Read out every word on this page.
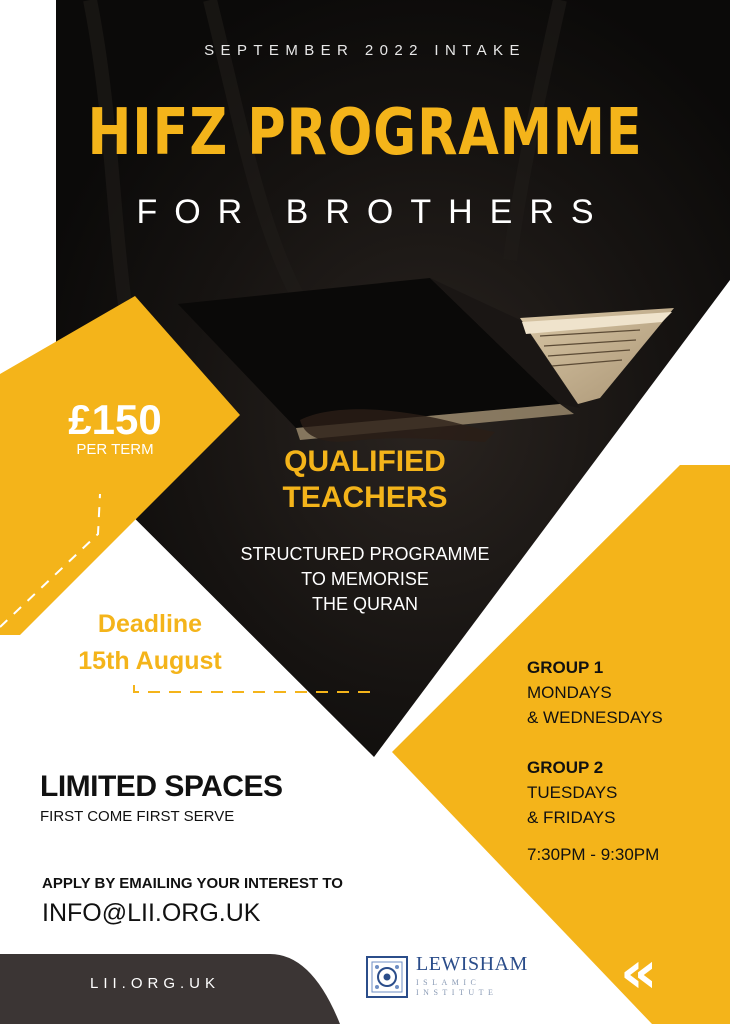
SEPTEMBER 2022 INTAKE

HIFZ PROGRAMME

FOR BROTHERS

£150

PER TERM	QUALIFIED
TEACHERS
STRUCTURED PROGRAMME
TO MEMORISE
THE QURAN
Deadline
15th August

LIMITED SPACES

FIRST COME FIRST SERVE

APPLY BY EMAILING YOUR INTEREST TO

INFO@LII.ORG.UK

LII.ORG.UK

GROUP 1
MONDAYS
& WEDNESDAYS
GROUP 2
TUESDAYS
& FRIDAYS

7:30PM - 9:30PM

«

LEWISHAM

ISLAMIC
INSTITUTE
